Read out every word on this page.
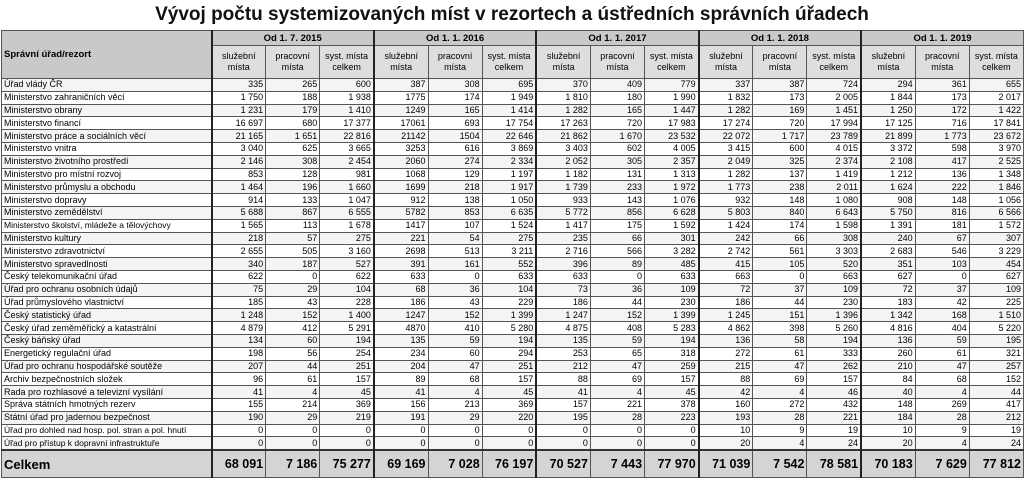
Vývoj počtu systemizovaných míst v rezortech a ústředních správních úřadech
Správní úřad/rezort	Od 1. 7. 2015			Od 1. 1. 2016			Od 1. 1. 2017			Od 1. 1. 2018			Od 1. 1. 2019		
	služební místa	pracovní místa	syst. místa celkem	služební místa	pracovní místa	syst. místa celkem	služební místa	pracovní místa	syst. místa celkem	služební místa	pracovní místa	syst. místa celkem	služební místa	pracovní místa	syst. místa celkem
Úřad vlády ČR	335	265	600	387	308	695	370	409	779	337	387	724	294	361	655
Ministerstvo zahraničních věcí	1 750	188	1 938	1775	174	1 949	1 810	180	1 990	1 832	173	2 005	1 844	173	2 017
Ministerstvo obrany	1 231	179	1 410	1249	165	1 414	1 282	165	1 447	1 282	169	1 451	1 250	172	1 422
Ministerstvo financí	16 697	680	17 377	17061	693	17 754	17 263	720	17 983	17 274	720	17 994	17 125	716	17 841
Ministerstvo práce a sociálních věcí	21 165	1 651	22 816	21142	1504	22 646	21 862	1 670	23 532	22 072	1 717	23 789	21 899	1 773	23 672
Ministerstvo vnitra	3 040	625	3 665	3253	616	3 869	3 403	602	4 005	3 415	600	4 015	3 372	598	3 970
Ministerstvo životního prostředí	2 146	308	2 454	2060	274	2 334	2 052	305	2 357	2 049	325	2 374	2 108	417	2 525
Ministerstvo pro místní rozvoj	853	128	981	1068	129	1 197	1 182	131	1 313	1 282	137	1 419	1 212	136	1 348
Ministerstvo průmyslu a obchodu	1 464	196	1 660	1699	218	1 917	1 739	233	1 972	1 773	238	2 011	1 624	222	1 846
Ministerstvo dopravy	914	133	1 047	912	138	1 050	933	143	1 076	932	148	1 080	908	148	1 056
Ministerstvo zemědělství	5 688	867	6 555	5782	853	6 635	5 772	856	6 628	5 803	840	6 643	5 750	816	6 566
Ministerstvo školství, mládeže a tělovýchovy	1 565	113	1 678	1417	107	1 524	1 417	175	1 592	1 424	174	1 598	1 391	181	1 572
Ministerstvo kultury	218	57	275	221	54	275	235	66	301	242	66	308	240	67	307
Ministerstvo zdravotnictví	2 655	505	3 160	2698	513	3 211	2 716	566	3 282	2 742	561	3 303	2 683	546	3 229
Ministerstvo spravedlnosti	340	187	527	391	161	552	396	89	485	415	105	520	351	103	454
Český telekomunikační úřad	622	0	622	633	0	633	633	0	633	663	0	663	627	0	627
Úřad pro ochranu osobních údajů	75	29	104	68	36	104	73	36	109	72	37	109	72	37	109
Úřad průmyslového vlastnictví	185	43	228	186	43	229	186	44	230	186	44	230	183	42	225
Český statistický úřad	1 248	152	1 400	1247	152	1 399	1 247	152	1 399	1 245	151	1 396	1 342	168	1 510
Český úřad zeměměřický a katastrální	4 879	412	5 291	4870	410	5 280	4 875	408	5 283	4 862	398	5 260	4 816	404	5 220
Český báňský úřad	134	60	194	135	59	194	135	59	194	136	58	194	136	59	195
Energetický regulační úřad	198	56	254	234	60	294	253	65	318	272	61	333	260	61	321
Úřad pro ochranu hospodářské soutěže	207	44	251	204	47	251	212	47	259	215	47	262	210	47	257
Archiv bezpečnostních složek	96	61	157	89	68	157	88	69	157	88	69	157	84	68	152
Rada pro rozhlasové a televizní vysílání	41	4	45	41	4	45	41	4	45	42	4	46	40	4	44
Správa státních hmotných rezerv	155	214	369	156	213	369	157	221	378	160	272	432	148	269	417
Státní úřad pro jadernou bezpečnost	190	29	219	191	29	220	195	28	223	193	28	221	184	28	212
Úřad pro dohled nad hosp. pol. stran a pol. hnutí	0	0	0	0	0	0	0	0	0	10	9	19	10	9	19
Úřad pro přístup k dopravní infrastruktuře	0	0	0	0	0	0	0	0	0	20	4	24	20	4	24
Celkem	68 091	7 186	75 277	69 169	7 028	76 197	70 527	7 443	77 970	71 039	7 542	78 581	70 183	7 629	77 812
